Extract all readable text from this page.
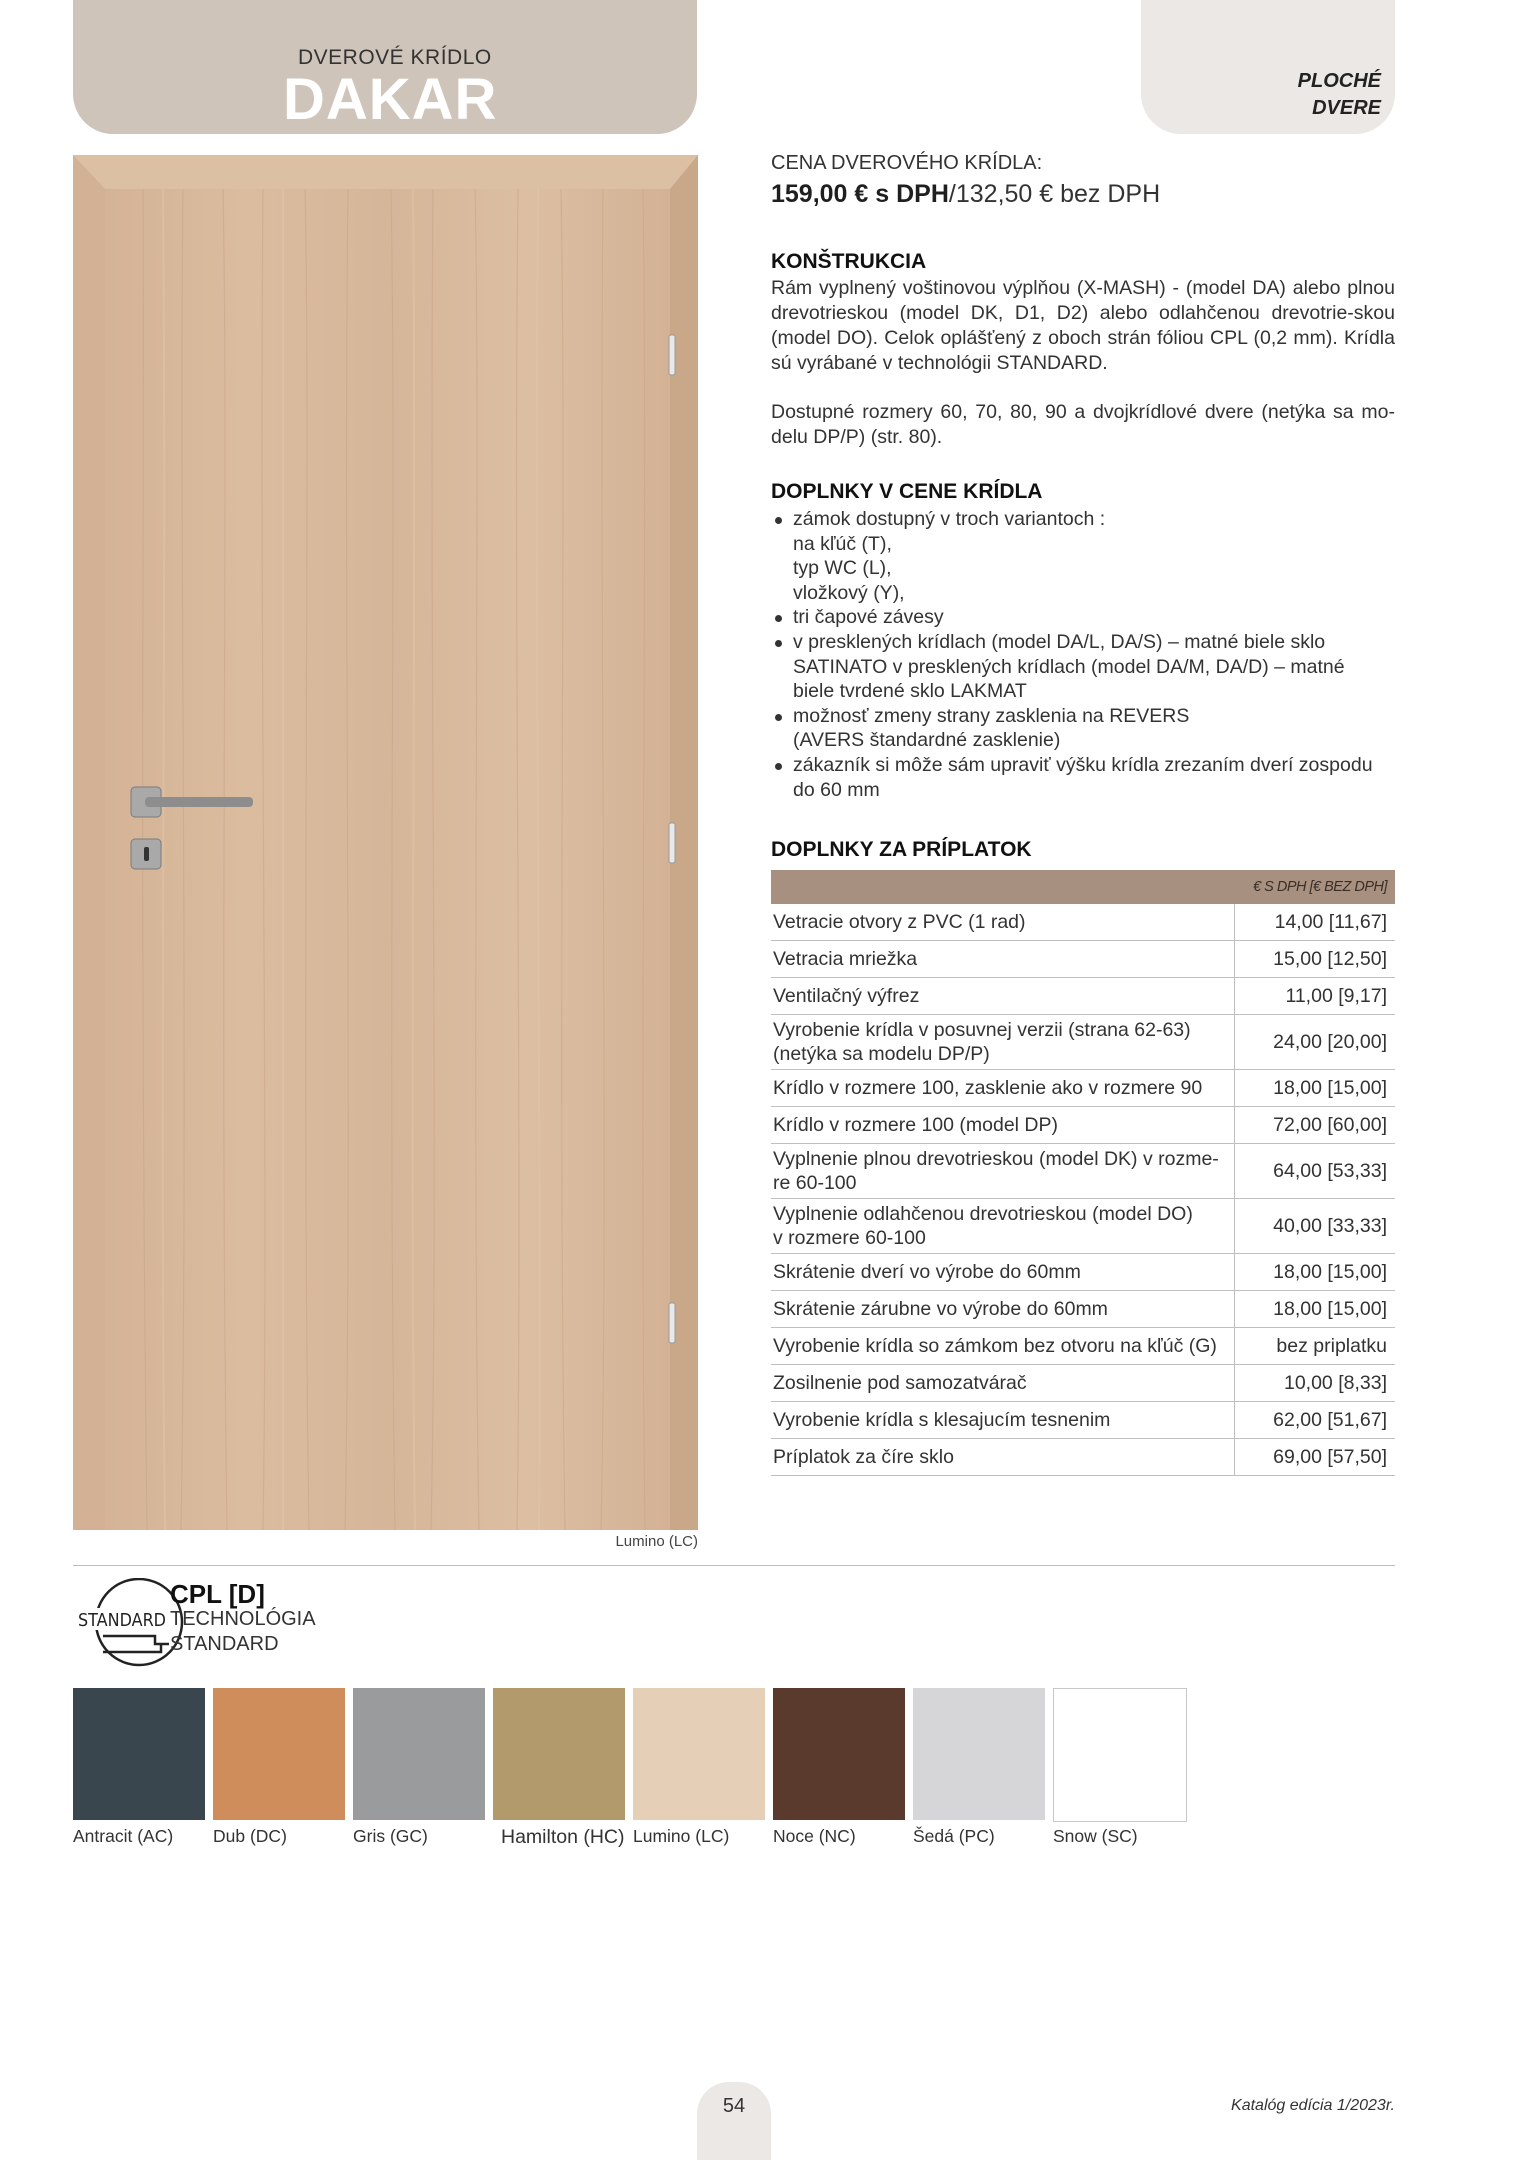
DVEROVÉ KRÍDLO
DAKAR	PLOCHÉ
DVERE
Lumino (LC)
CENA DVEROVÉHO KRÍDLA:
159,00 € s DPH/132,50 € bez DPH
KONŠTRUKCIA
Rám vyplnený voštinovou výplňou (X-MASH) - (model DA) alebo plnou drevotrieskou (model DK, D1, D2) alebo odlahčenou drevotrie-skou (model DO). Celok oplášťený z oboch strán fóliou CPL (0,2 mm). Krídla sú vyrábané v technológii STANDARD.
Dostupné rozmery 60, 70, 80, 90 a dvojkrídlové dvere (netýka sa mo-delu DP/P) (str. 80).
DOPLNKY V CENE KRÍDLA
zámok dostupný v troch variantoch :
na kľúč (T),
typ WC (L),
vložkový (Y),
tri čapové závesy
v presklených krídlach (model DA/L, DA/S) – matné biele sklo
SATINATO v presklených krídlach (model DA/M, DA/D) – matné
biele tvrdené sklo LAKMAT
možnosť zmeny strany zasklenia na REVERS
(AVERS štandardné zasklenie)
zákazník si môže sám upraviť výšku krídla zrezaním dverí zospodu
do 60 mm
DOPLNKY ZA PRÍPLATOK
	€ S DPH [€ BEZ DPH]

Vetracie otvory z PVC (1 rad)	14,00 [11,67]

Vetracia mriežka	15,00 [12,50]

Ventilačný výfrez	11,00 [9,17]

Vyrobenie krídla v posuvnej verzii (strana 62-63)
(netýka sa modelu DP/P)	24,00 [20,00]

Krídlo v rozmere 100, zasklenie ako v rozmere 90	18,00 [15,00]

Krídlo v rozmere 100 (model DP)	72,00 [60,00]

Vyplnenie plnou drevotrieskou (model DK) v rozme-
re 60-100	64,00 [53,33]

Vyplnenie odlahčenou drevotrieskou (model DO)
v rozmere 60-100	40,00 [33,33]

Skrátenie dverí vo výrobe do 60mm	18,00 [15,00]

Skrátenie zárubne vo výrobe do 60mm	18,00 [15,00]

Vyrobenie krídla so zámkom bez otvoru na kľúč (G)	bez priplatku

Zosilnenie pod samozatvárač	10,00 [8,33]

Vyrobenie krídla s klesajucím tesnenim	62,00 [51,67]

Príplatok za číre sklo	69,00 [57,50]
STANDARD
CPL [D]
TECHNOLÓGIA
STANDARD
Antracit (AC) Dub (DC)	Gris (GC)	Hamilton (HC) Lumino (LC) Noce (NC)	Šedá (PC)	Snow (SC)
54	Katalóg edícia 1/2023r.
